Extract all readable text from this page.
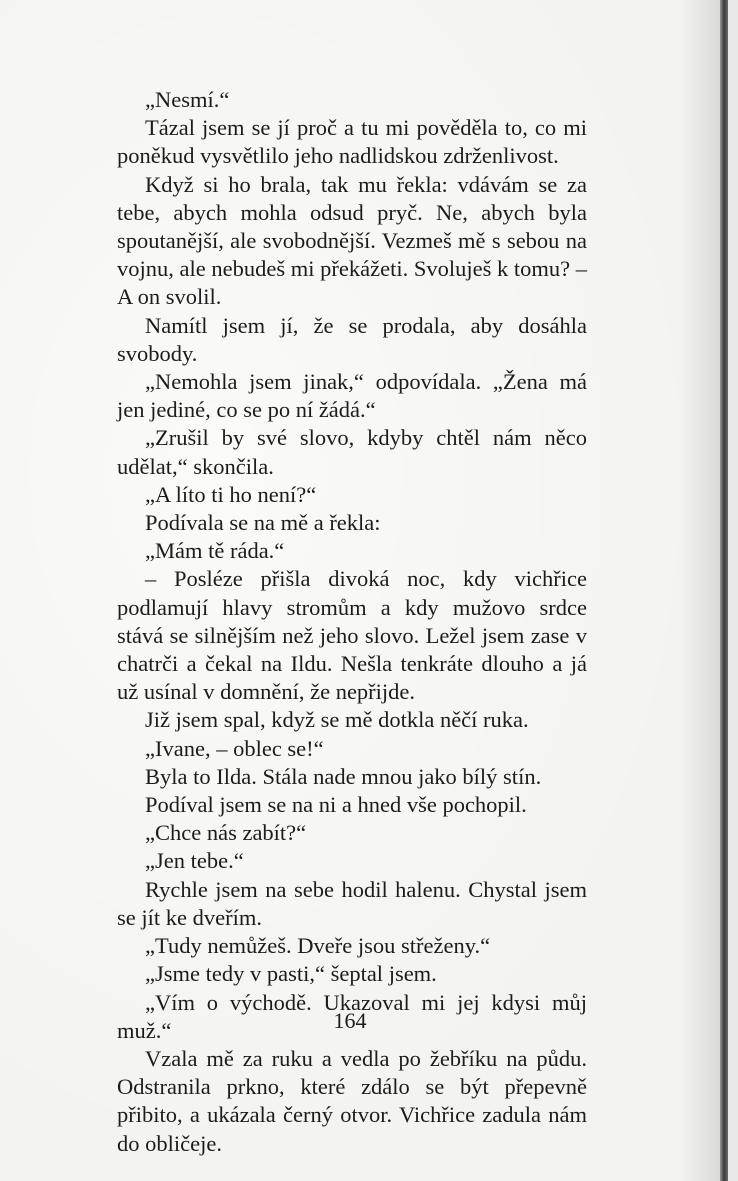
„Nesmí.“

Tázal jsem se jí proč a tu mi pověděla to, co mi poněkud vysvětlilo jeho nadlidskou zdrženlivost.

Když si ho brala, tak mu řekla: vdávám se za tebe, abych mohla odsud pryč. Ne, abych byla spoutanější, ale svobodnější. Vezmeš mě s sebou na vojnu, ale nebudeš mi překážeti. Svoluješ k tomu? – A on svolil.

Namítl jsem jí, že se prodala, aby dosáhla svobody.

„Nemohla jsem jinak,“ odpovídala. „Žena má jen jediné, co se po ní žádá.“

„Zrušil by své slovo, kdyby chtěl nám něco udělat,“ skončila.

„A líto ti ho není?“

Podívala se na mě a řekla:

„Mám tě ráda.“

– Posléze přišla divoká noc, kdy vichřice podlamují hlavy stromům a kdy mužovo srdce stává se silnějším než jeho slovo. Ležel jsem zase v chatrči a čekal na Ildu. Nešla tenkráte dlouho a já už usínal v domnění, že nepřijde.

Již jsem spal, když se mě dotkla něčí ruka.

„Ivane, – oblec se!“

Byla to Ilda. Stála nade mnou jako bílý stín.

Podíval jsem se na ni a hned vše pochopil.

„Chce nás zabít?“

„Jen tebe.“

Rychle jsem na sebe hodil halenu. Chystal jsem se jít ke dveřím.

„Tudy nemůžeš. Dveře jsou střeženy.“

„Jsme tedy v pasti,“ šeptal jsem.

„Vím o východě. Ukazoval mi jej kdysi můj muž.“

Vzala mě za ruku a vedla po žebříku na půdu. Odstranila prkno, které zdálo se být přepevně přibito, a ukázala černý otvor. Vichřice zadula nám do obličeje.

164
